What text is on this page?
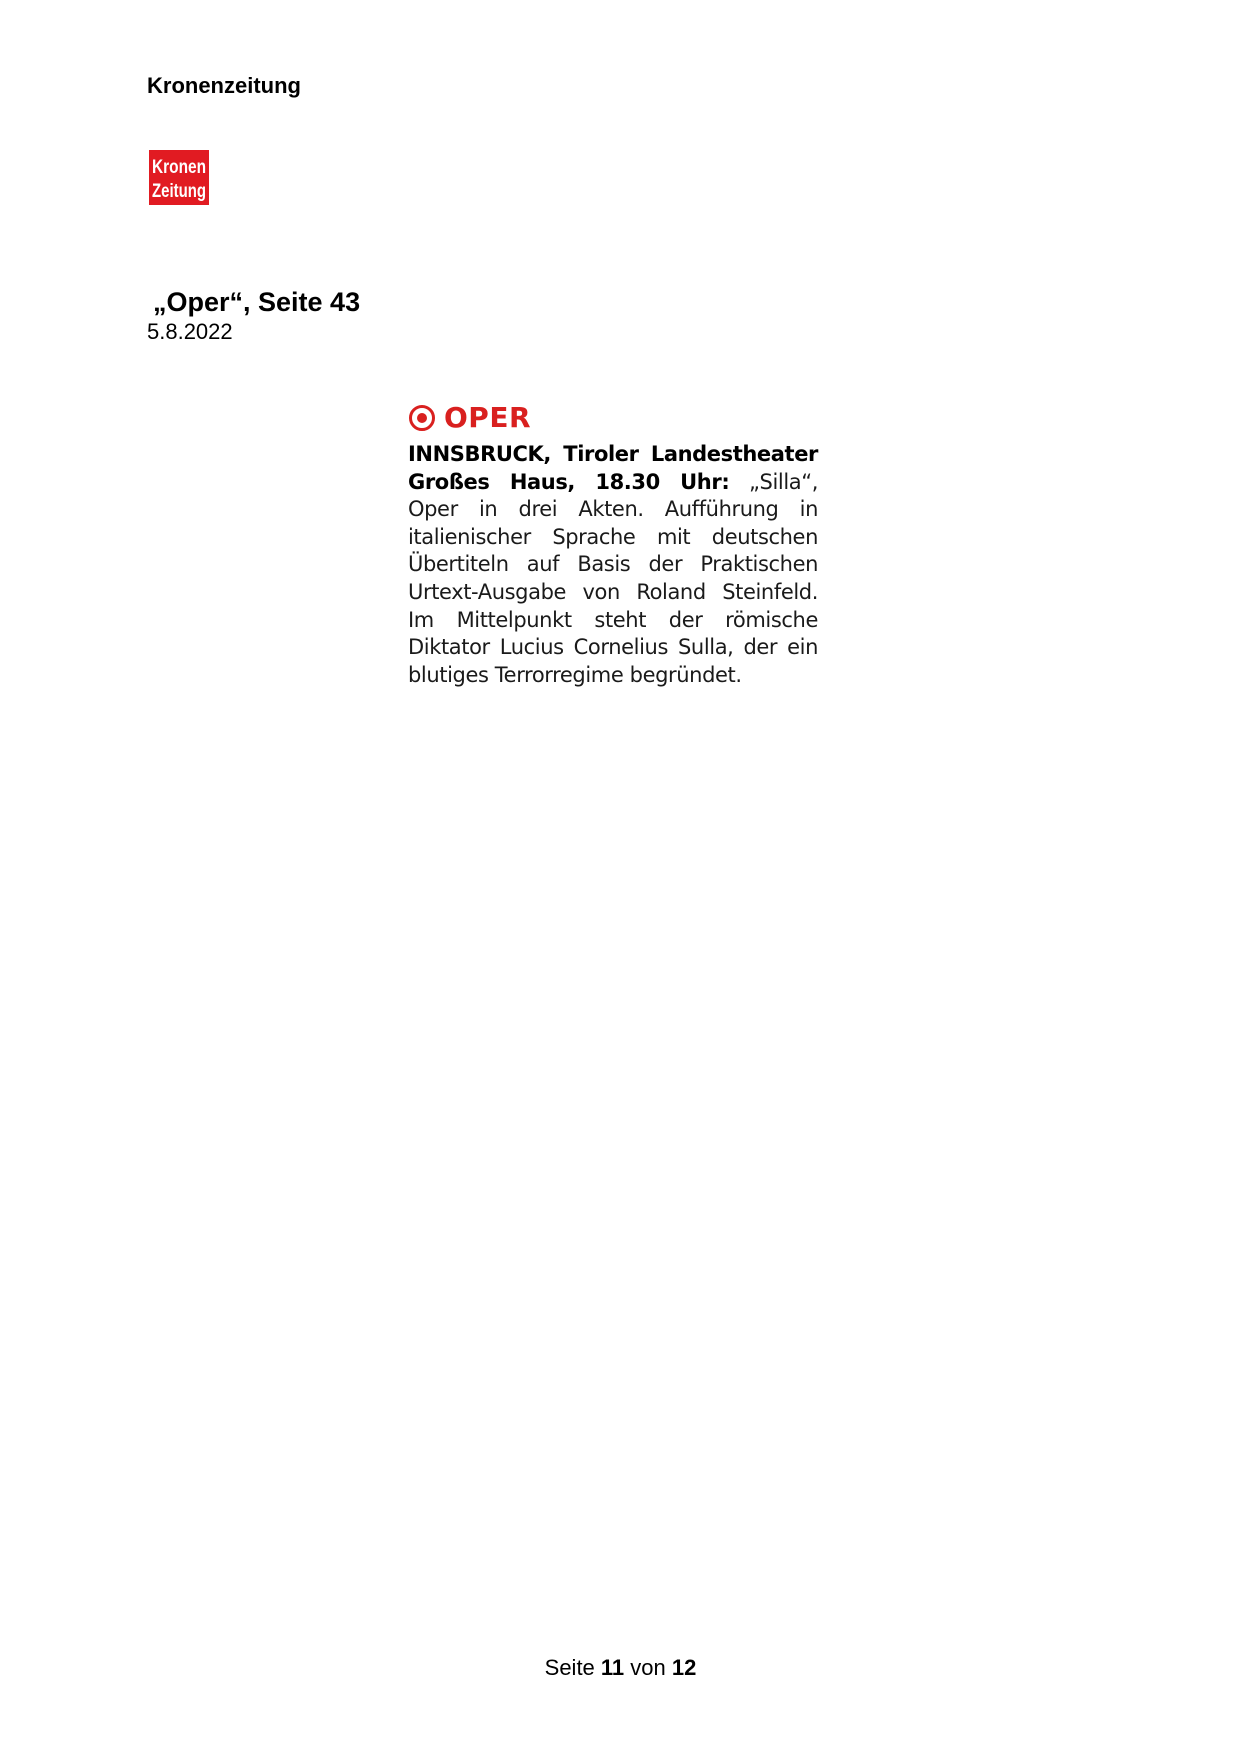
Kronenzeitung
Kronen
Zeitung
„Oper“, Seite 43
5.8.2022
OPER

INNSBRUCK, Tiroler Landestheater Großes Haus, 18.30 Uhr: „Silla“, Oper in drei Akten. Aufführung in italienischer Sprache mit deutschen Übertiteln auf Basis der Praktischen Urtext-Ausgabe von Roland Steinfeld. Im Mittelpunkt steht der römische Diktator Lucius Cornelius Sulla, der ein blutiges Terrorregime begründet.

Seite 11 von 12
